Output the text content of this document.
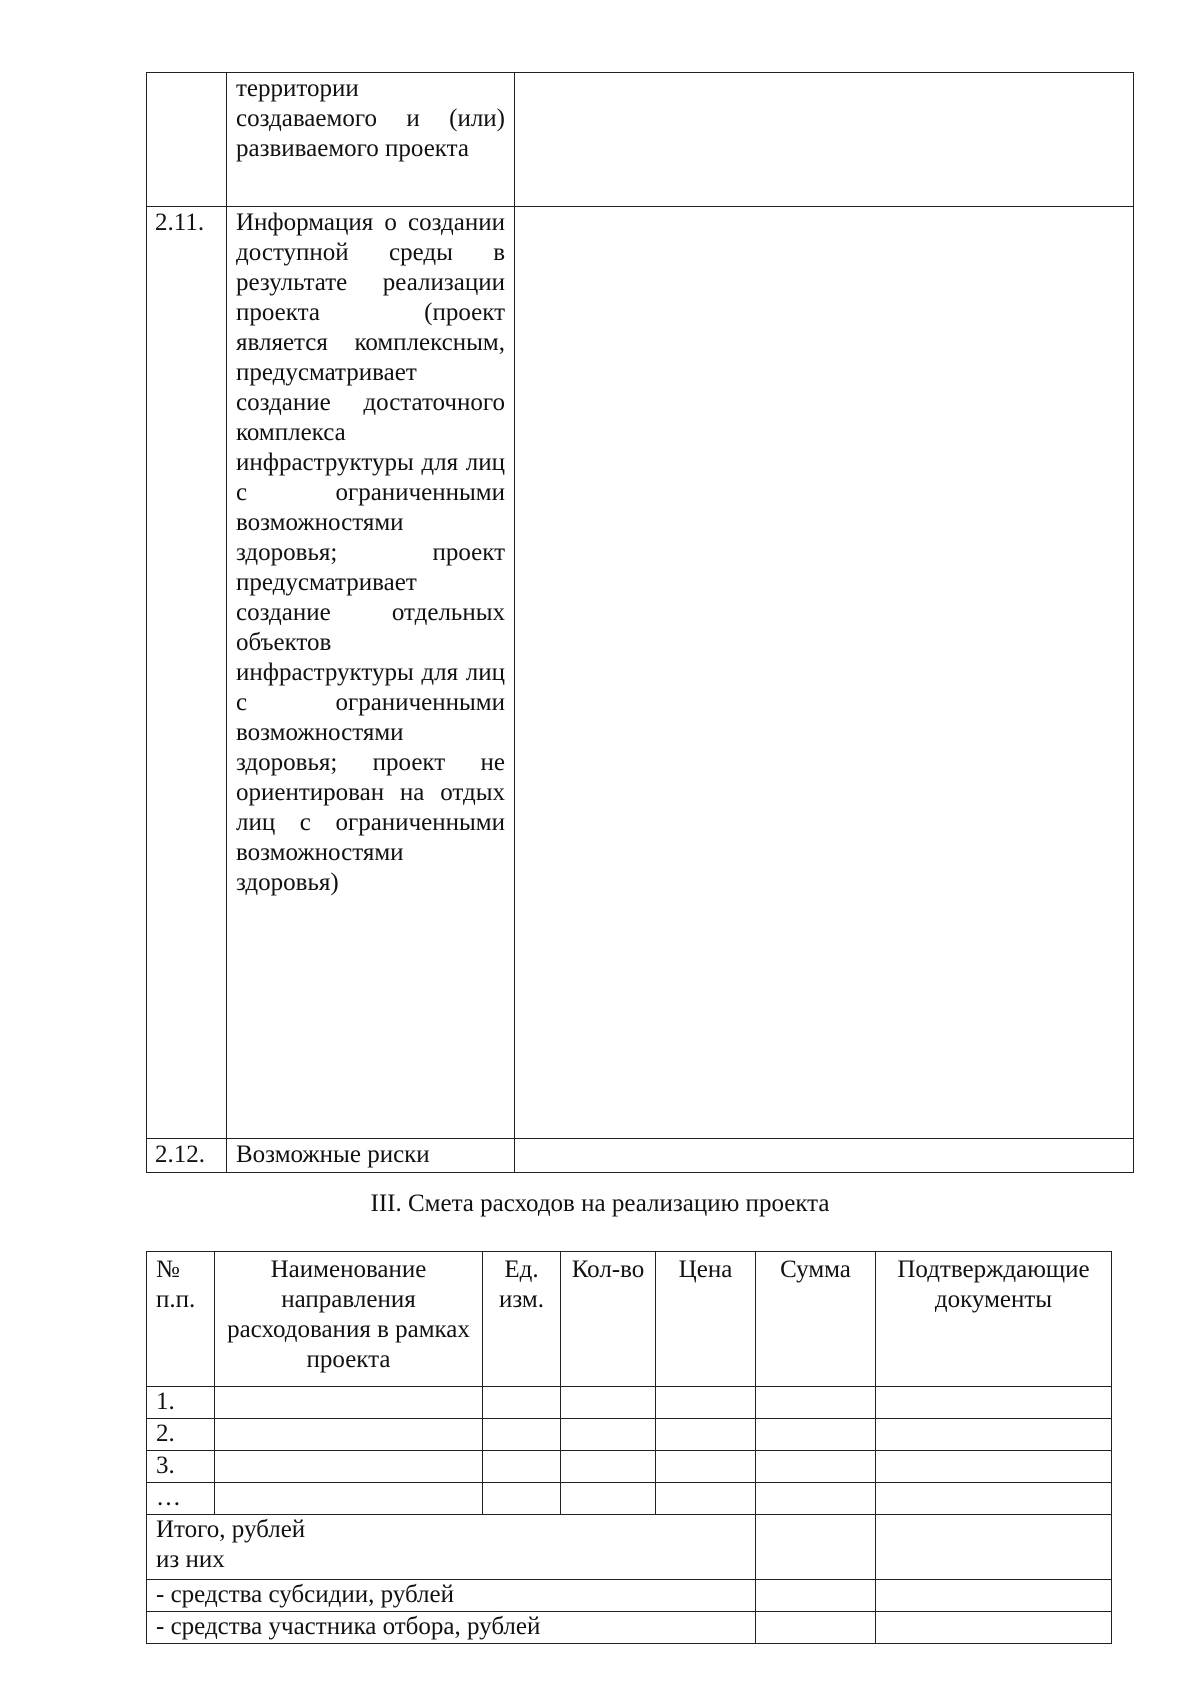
	территории создаваемого и (или) развиваемого проекта	
2.11.	Информация о создании доступной среды в результате реализации проекта (проект является комплексным, предусматривает создание достаточного комплекса инфраструктуры для лиц с ограниченными возможностями здоровья; проект предусматривает создание отдельных объектов инфраструктуры для лиц с ограниченными возможностями здоровья; проект не ориентирован на отдых лиц с ограниченными возможностями здоровья)	
2.12.	Возможные риски	
III. Смета расходов на реализацию проекта
№ п.п.	Наименование направления расходования в рамках проекта	Ед. изм.	Кол-во	Цена	Сумма	Подтверждающие документы
1.						
2.						
3.						
…						
Итого, рублей
из них						
- средства субсидии, рублей						
- средства участника отбора, рублей						
